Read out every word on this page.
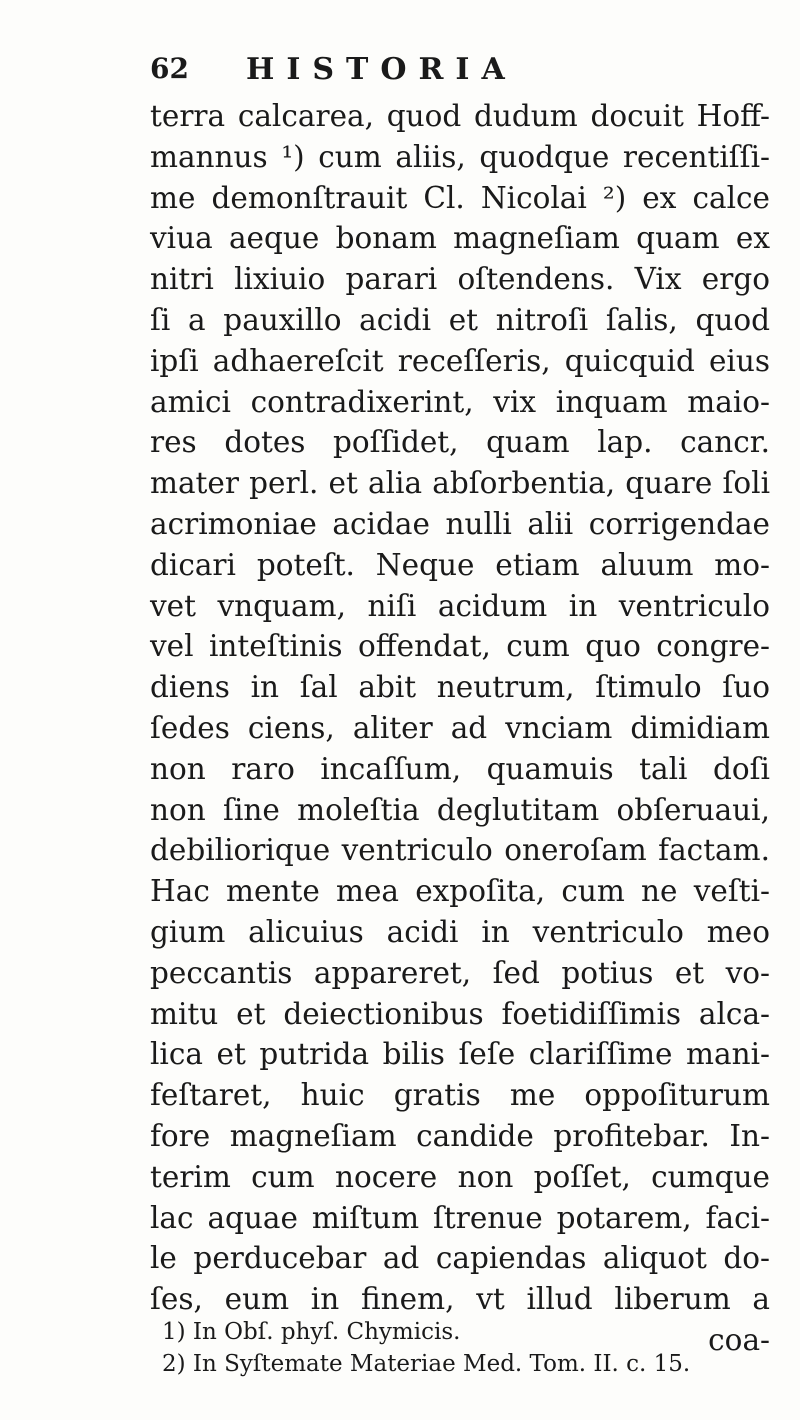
62 HISTORIA
terra calcarea, quod dudum docuit Hoff-
mannus ¹) cum aliis, quodque recentiſſi-
me demonſtrauit Cl. Nicolai ²) ex calce
viua aeque bonam magneſiam quam ex
nitri lixiuio parari oſtendens. Vix ergo
ſi a pauxillo acidi et nitroſi ſalis, quod
ipſi adhaereſcit receſſeris, quicquid eius
amici contradixerint, vix inquam maio-
res dotes poſſidet, quam lap. cancr.
mater perl. et alia abſorbentia, quare ſoli
acrimoniae acidae nulli alii corrigendae
dicari poteſt. Neque etiam aluum mo-
vet vnquam, niſi acidum in ventriculo
vel inteſtinis offendat, cum quo congre-
diens in ſal abit neutrum, ſtimulo ſuo
ſedes ciens, aliter ad vnciam dimidiam
non raro incaſſum, quamuis tali doſi
non ſine moleſtia deglutitam obſeruaui,
debiliorique ventriculo oneroſam factam.
Hac mente mea expoſita, cum ne veſti-
gium alicuius acidi in ventriculo meo
peccantis appareret, ſed potius et vo-
mitu et deiectionibus foetidiſſimis alca-
lica et putrida bilis ſeſe clariſſime mani-
feſtaret, huic gratis me oppoſiturum
fore magneſiam candide profitebar. In-
terim cum nocere non poſſet, cumque
lac aquae miſtum ſtrenue potarem, faci-
le perducebar ad capiendas aliquot do-
ſes, eum in finem, vt illud liberum a
coa-
1) In Obſ. phyſ. Chymicis.
2) In Syſtemate Materiae Med. Tom. II. c. 15.
